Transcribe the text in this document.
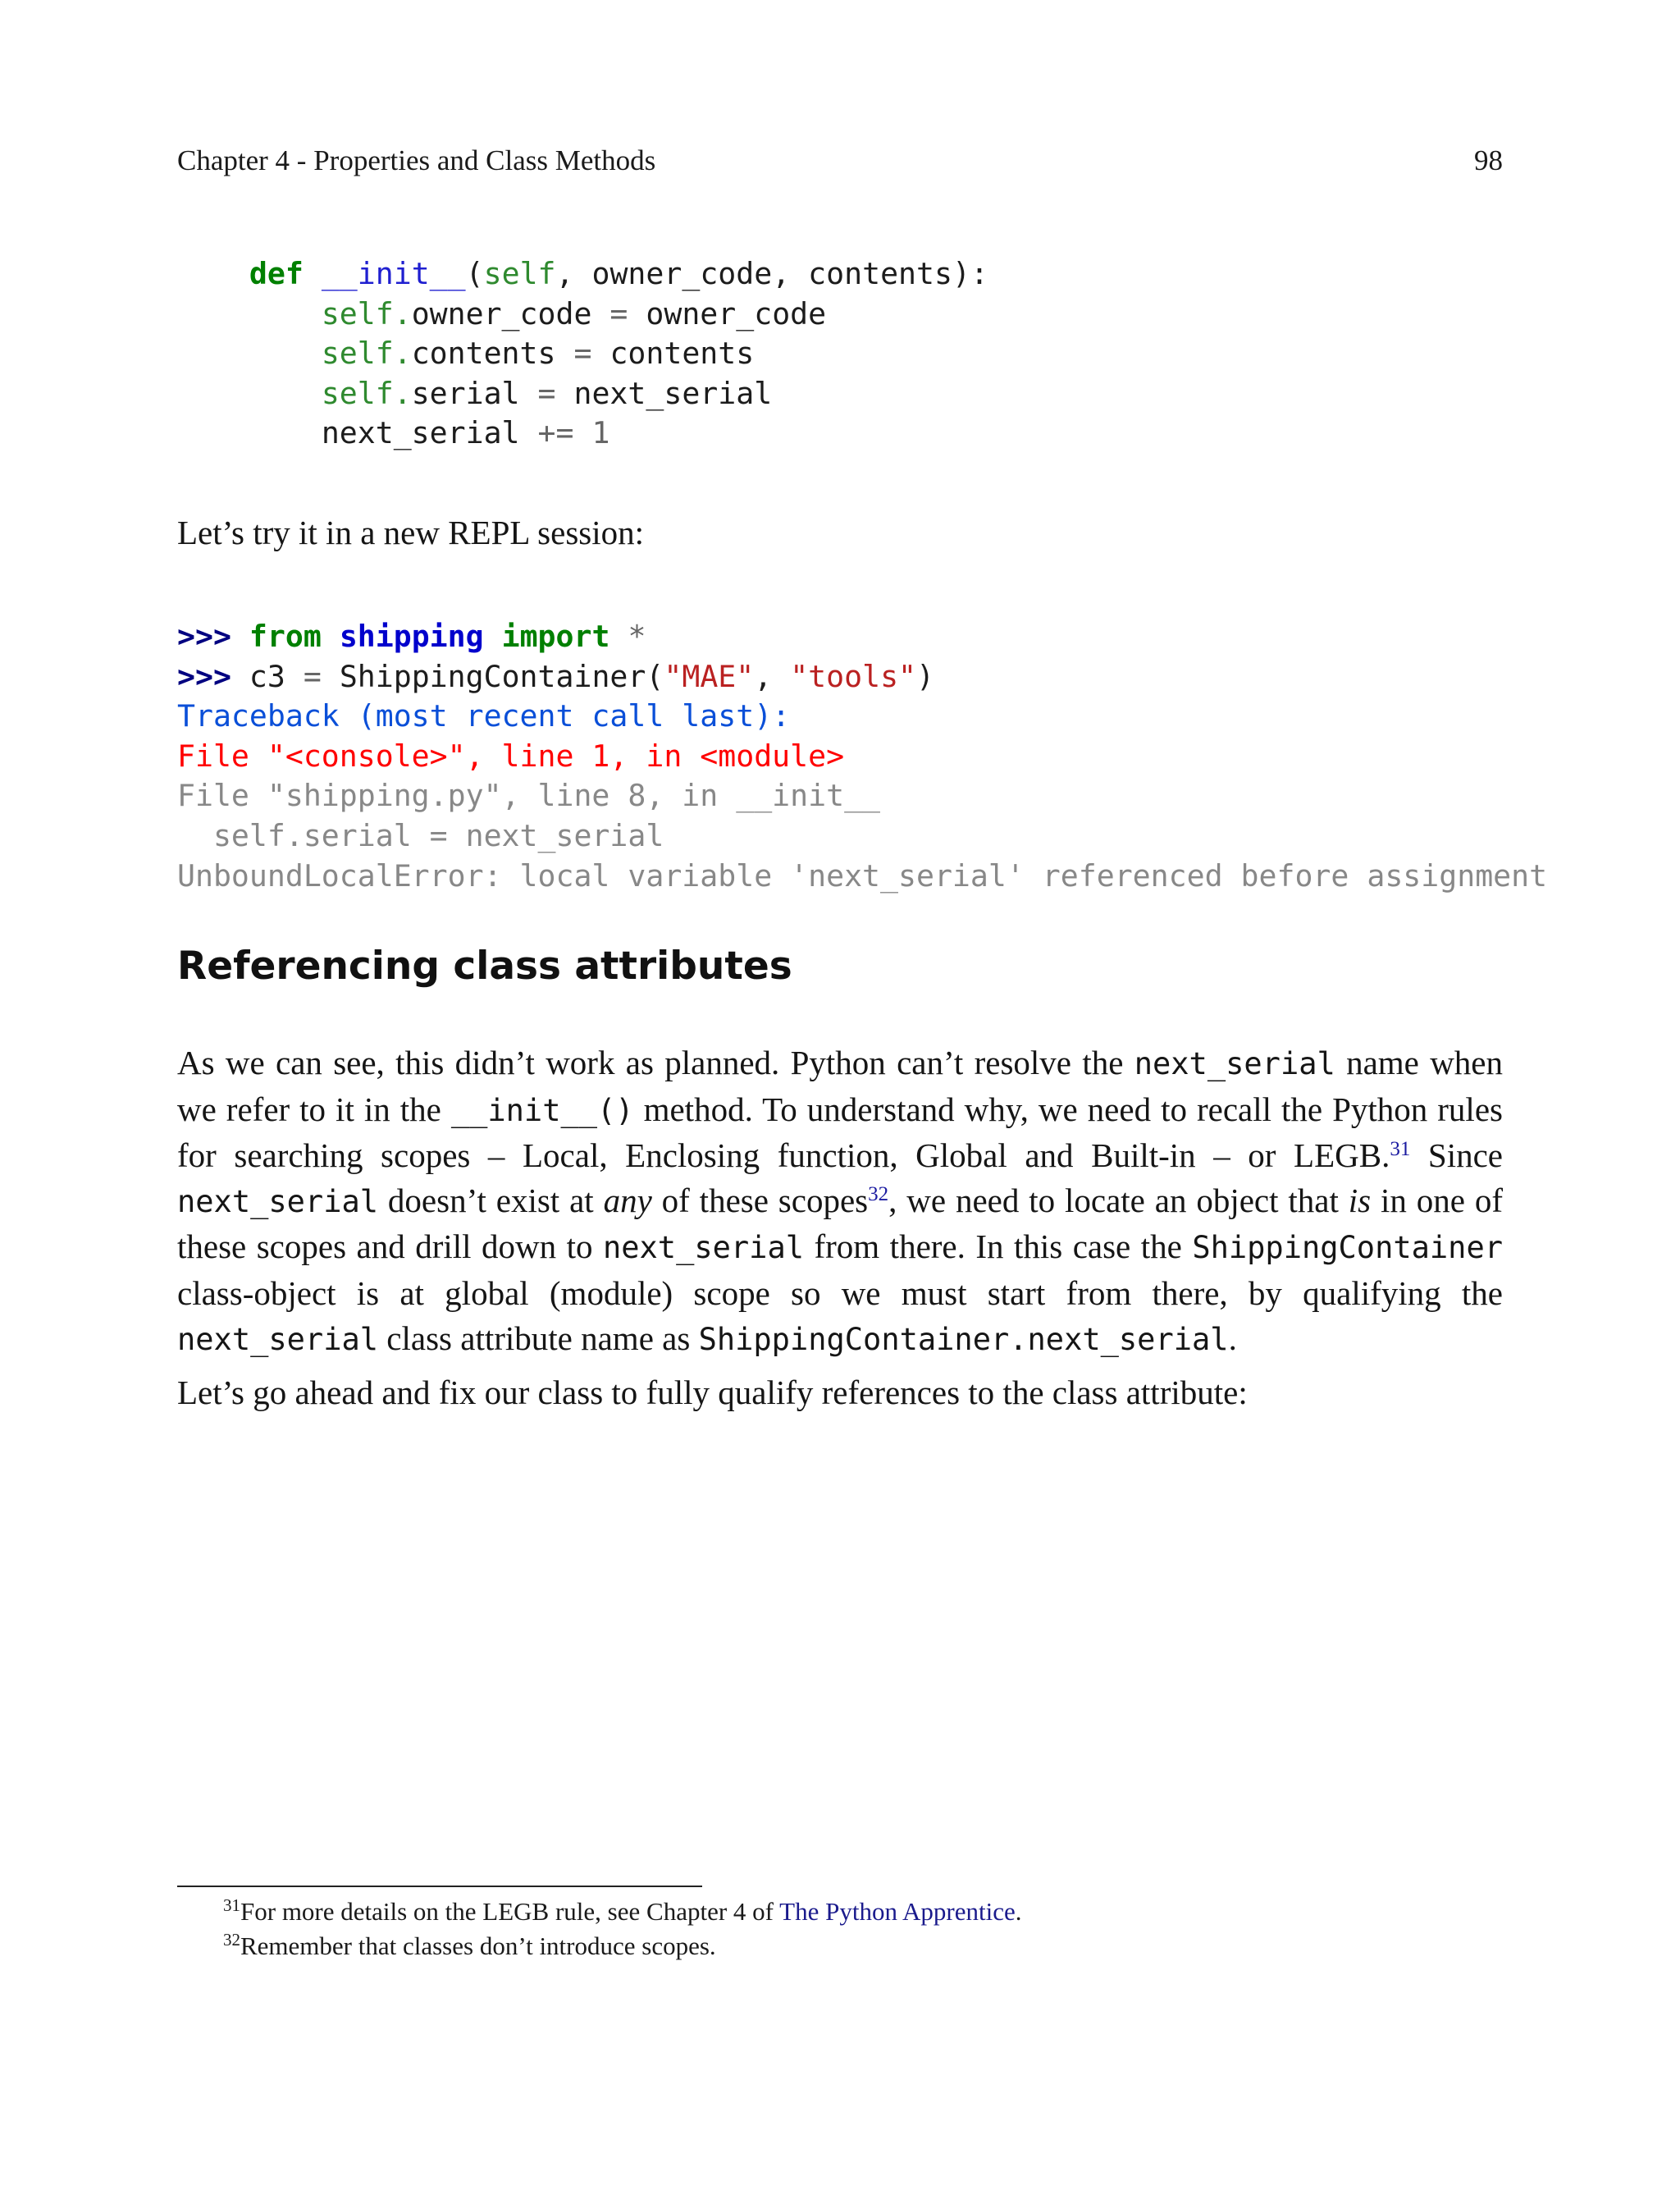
Chapter 4 - Properties and Class Methods	98
def __init__(self, owner_code, contents):
self.owner_code = owner_code
self.contents = contents
self.serial = next_serial
next_serial += 1

Let’s try it in a new REPL session:

>>> from shipping import *
>>> c3 = ShippingContainer("MAE", "tools")
Traceback (most recent call last):
File "<console>", line 1, in <module>
File "shipping.py", line 8, in __init__
self.serial = next_serial
UnboundLocalError: local variable 'next_serial' referenced before assignment
Referencing class attributes

As we can see, this didn’t work as planned. Python can’t resolve the next_serial name when we refer to it in the __init__() method. To understand why, we need to recall the Python rules for searching scopes – Local, Enclosing function, Global and Built-in – or LEGB.$^{31}$ Since next_serial doesn’t exist at any of these scopes$^{32}$, we need to locate an object that is in one of these scopes and drill down to next_serial from there. In this case the ShippingContainer class-object is at global (module) scope so we must start from there, by qualifying the next_serial class attribute name as ShippingContainer.next_serial.

Let’s go ahead and fix our class to fully qualify references to the class attribute:

$^{31}$For more details on the LEGB rule, see Chapter 4 of The Python Apprentice.
$^{32}$Remember that classes don’t introduce scopes.
